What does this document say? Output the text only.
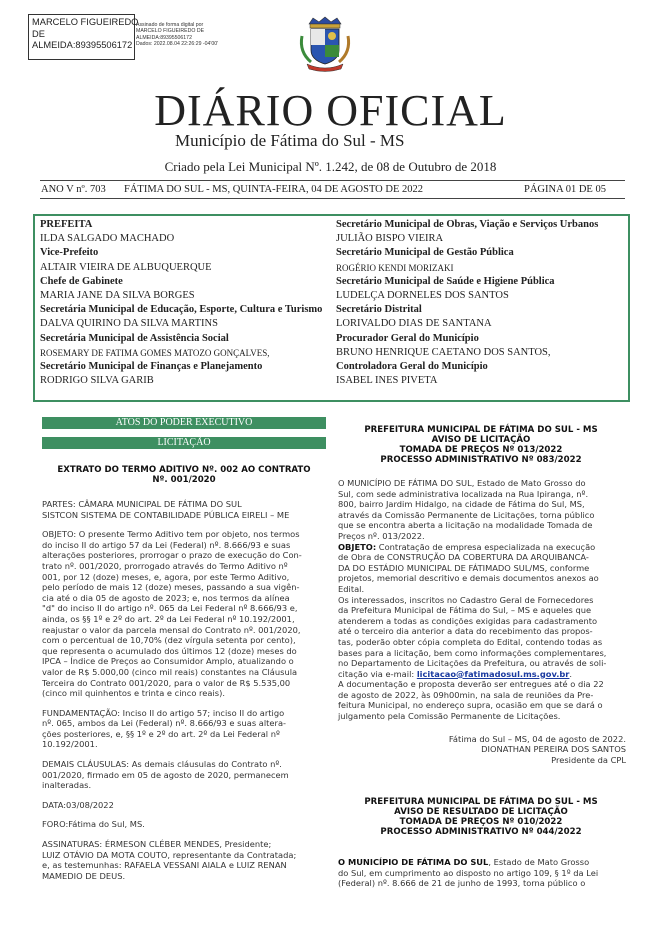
MARCELO FIGUEIREDO
DE
ALMEIDA:89395506172
Assinado de forma digital por
MARCELO FIGUEIREDO DE
ALMEIDA:89395506172
Dados: 2022.08.04 22:26:29 -04'00'
DIÁRIO OFICIAL
Município de Fátima do Sul - MS
Criado pela Lei Municipal Nº. 1.242, de 08 de Outubro de 2018
ANO V nº. 703 FÁTIMA DO SUL - MS, QUINTA-FEIRA, 04 DE AGOSTO DE 2022	PÁGINA 01 DE 05
PREFEITA
ILDA SALGADO MACHADO
Vice-Prefeito
ALTAIR VIEIRA DE ALBUQUERQUE
Chefe de Gabinete
MARIA JANE DA SILVA BORGES
Secretária Municipal de Educação, Esporte, Cultura e Turismo
DALVA QUIRINO DA SILVA MARTINS
Secretária Municipal de Assistência Social
ROSEMARY DE FATIMA GOMES MATOZO GONÇALVES,
Secretário Municipal de Finanças e Planejamento
RODRIGO SILVA GARIB
Secretário Municipal de Obras, Viação e Serviços Urbanos
JULIÃO BISPO VIEIRA
Secretário Municipal de Gestão Pública
ROGÉRIO KENDI MORIZAKI
Secretário Municipal de Saúde e Higiene Pública
LUDELÇA DORNELES DOS SANTOS
Secretário Distrital
LORIVALDO DIAS DE SANTANA
Procurador Geral do Município
BRUNO HENRIQUE CAETANO DOS SANTOS,
Controladora Geral do Município
ISABEL INES PIVETA
ATOS DO PODER EXECUTIVO
LICITAÇÃO
EXTRATO DO TERMO ADITIVO Nº. 002 AO CONTRATO
Nº. 001/2020

PARTES: CÂMARA MUNICIPAL DE FÁTIMA DO SUL
SISTCON SISTEMA DE CONTABILIDADE PÚBLICA EIRELI – ME

OBJETO: O presente Termo Aditivo tem por objeto, nos termos
do inciso II do artigo 57 da Lei (Federal) nº. 8.666/93 e suas
alterações posteriores, prorrogar o prazo de execução do Con-
trato nº. 001/2020, prorrogado através do Termo Aditivo nº
001, por 12 (doze) meses, e, agora, por este Termo Aditivo,
pelo período de mais 12 (doze) meses, passando a sua vigên-
cia até o dia 05 de agosto de 2023; e, nos termos da alínea
"d" do inciso II do artigo nº. 065 da Lei Federal nº 8.666/93 e,
ainda, os §§ 1º e 2º do art. 2º da Lei Federal nº 10.192/2001,
reajustar o valor da parcela mensal do Contrato nº. 001/2020,
com o percentual de 10,70% (dez vírgula setenta por cento),
que representa o acumulado dos últimos 12 (doze) meses do
IPCA – Índice de Preços ao Consumidor Amplo, atualizando o
valor de R$ 5.000,00 (cinco mil reais) constantes na Cláusula
Terceira do Contrato 001/2020, para o valor de R$ 5.535,00
(cinco mil quinhentos e trinta e cinco reais).

FUNDAMENTAÇÃO: Inciso II do artigo 57; inciso II do artigo
nº. 065, ambos da Lei (Federal) nº. 8.666/93 e suas altera-
ções posteriores, e, §§ 1º e 2º do art. 2º da Lei Federal nº
10.192/2001.

DEMAIS CLÁUSULAS: As demais cláusulas do Contrato nº.
001/2020, firmado em 05 de agosto de 2020, permanecem
inalteradas.

DATA:03/08/2022

FORO:Fátima do Sul, MS.

ASSINATURAS: ÉRMESON CLÉBER MENDES, Presidente;
LUIZ OTÁVIO DA MOTA COUTO, representante da Contratada;
e, as testemunhas: RAFAELA VESSANI AIALA e LUIZ RENAN
MAMEDIO DE DEUS.

PREFEITURA MUNICIPAL DE FÁTIMA DO SUL - MS
AVISO DE LICITAÇÃO
TOMADA DE PREÇOS Nº 013/2022
PROCESSO ADMINISTRATIVO Nº 083/2022

O MUNICÍPIO DE FÁTIMA DO SUL, Estado de Mato Grosso do
Sul, com sede administrativa localizada na Rua Ipiranga, nº.
800, bairro Jardim Hidalgo, na cidade de Fátima do Sul, MS,
através da Comissão Permanente de Licitações, torna público
que se encontra aberta a licitação na modalidade Tomada de
Preços nº. 013/2022.

OBJETO: Contratação de empresa especializada na execução
de Obra de CONSTRUÇÃO DA COBERTURA DA ARQUIBANCA-
DA DO ESTÁDIO MUNICIPAL DE FÁTIMADO SUL/MS, conforme
projetos, memorial descritivo e demais documentos anexos ao
Edital.

Os interessados, inscritos no Cadastro Geral de Fornecedores
da Prefeitura Municipal de Fátima do Sul, – MS e aqueles que
atenderem a todas as condições exigidas para cadastramento
até o terceiro dia anterior a data do recebimento das propos-
tas, poderão obter cópia completa do Edital, contendo todas as
bases para a licitação, bem como informações complementares,
no Departamento de Licitações da Prefeitura, ou através de soli-
citação via e-mail: licitacao@fatimadosul.ms.gov.br.

A documentação e proposta deverão ser entregues até o dia 22
de agosto de 2022, às 09h00min, na sala de reuniões da Pre-
feitura Municipal, no endereço supra, ocasião em que se dará o
julgamento pela Comissão Permanente de Licitações.

Fátima do Sul – MS, 04 de agosto de 2022.
DIONATHAN PEREIRA DOS SANTOS
Presidente da CPL
PREFEITURA MUNICIPAL DE FÁTIMA DO SUL - MS
AVISO DE RESULTADO DE LICITAÇÃO
TOMADA DE PREÇOS Nº 010/2022
PROCESSO ADMINISTRATIVO Nº 044/2022
O MUNICÍPIO DE FÁTIMA DO SUL, Estado de Mato Grosso
do Sul, em cumprimento ao disposto no artigo 109, § 1º da Lei
(Federal) nº. 8.666 de 21 de junho de 1993, torna público o
